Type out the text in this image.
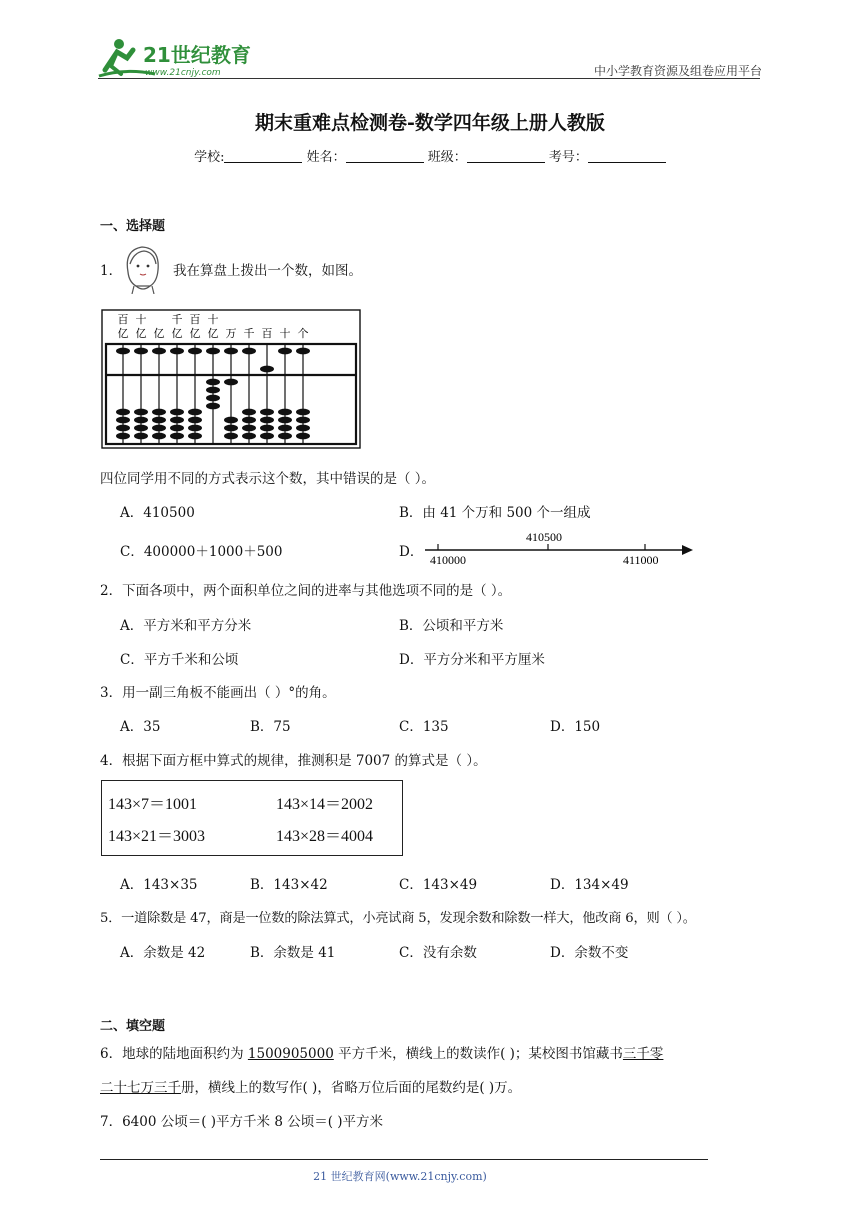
21世纪教育
www.21cnjy.com	中小学教育资源及组卷应用平台
期末重难点检测卷-数学四年级上册人教版
学校:	姓名：	班级：	考号：
一、选择题
1．	我在算盘上拨出一个数，如图。
百
亿
十
亿 亿
千
亿
百
亿
十
亿 万 千 百 十 个
四位同学用不同的方式表示这个数，其中错误的是（ ）。
A．410500	B．由 41 个万和 500 个一组成
C．400000＋1000＋500	D． 410000
410500
411000
2．下面各项中，两个面积单位之间的进率与其他选项不同的是（ ）。
A．平方米和平方分米	B．公顷和平方米
C．平方千米和公顷	D．平方分米和平方厘米
3．用一副三角板不能画出（ ）°的角。
A．35	B．75	C．135	D．150
4．根据下面方框中算式的规律，推测积是 7007 的算式是（ ）。
143×7＝1001	143×14＝2002
143×21＝3003	143×28＝4004
A．143×35	B．143×42	C．143×49	D．134×49
5．一道除数是 47，商是一位数的除法算式，小亮试商 5，发现余数和除数一样大，他改商 6，则（ ）。
A．余数是 42	B．余数是 41	C．没有余数	D．余数不变
二、填空题
6．地球的陆地面积约为 1500905000 平方千米，横线上的数读作( )；某校图书馆藏书三千零
二十七万三千册，横线上的数写作( )，省略万位后面的尾数约是( )万。
7．6400 公顷＝( )平方千米 8 公顷＝( )平方米
21 世纪教育网(www.21cnjy.com)
